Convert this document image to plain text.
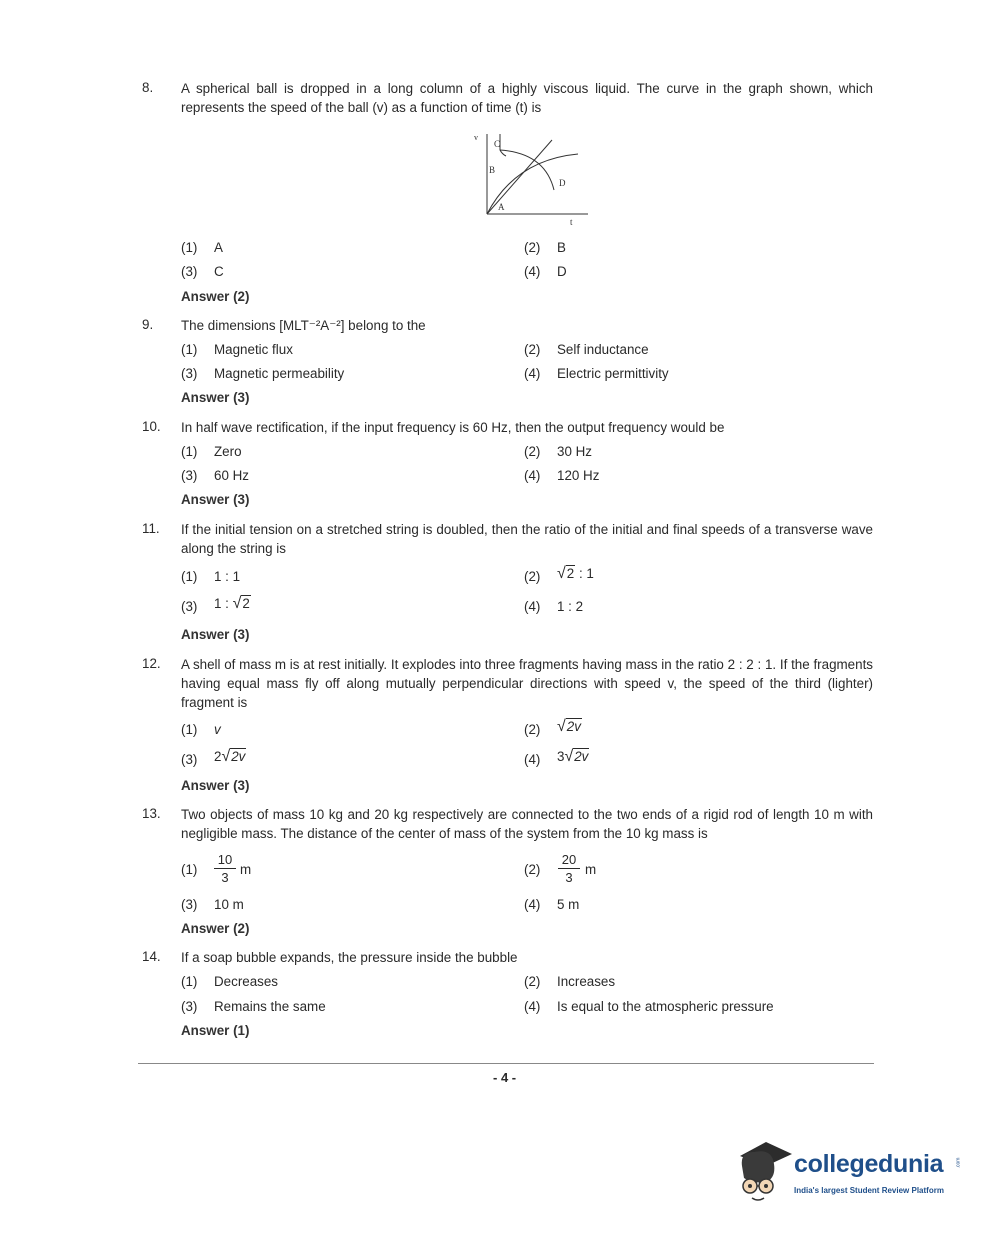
8. A spherical ball is dropped in a long column of a highly viscous liquid. The curve in the graph shown, which represents the speed of the ball (v) as a function of time (t) is
v
t
C
B
D
A
(1) A	(2) B
(3) C	(4) D
Answer (2)
9. The dimensions [MLT⁻²A⁻²] belong to the
(1) Magnetic flux	(2) Self inductance
(3) Magnetic permeability	(4) Electric permittivity
Answer (3)
10. In half wave rectification, if the input frequency is 60 Hz, then the output frequency would be
(1) Zero	(2) 30 Hz
(3) 60 Hz	(4) 120 Hz
Answer (3)
11. If the initial tension on a stretched string is doubled, then the ratio of the initial and final speeds of a transverse wave along the string is
(1) 1 : 1	(2) √2 : 1
(3) 1 : √2	(4) 1 : 2
Answer (3)
12. A shell of mass m is at rest initially. It explodes into three fragments having mass in the ratio 2 : 2 : 1. If the fragments having equal mass fly off along mutually perpendicular directions with speed v, the speed of the third (lighter) fragment is
(1) v	(2) √2v
(3) 2√2v	(4) 3√2v
Answer (3)
13. Two objects of mass 10 kg and 20 kg respectively are connected to the two ends of a rigid rod of length 10 m with negligible mass. The distance of the center of mass of the system from the 10 kg mass is
$(1) \frac{10}{3}$ m	$(2) \frac{20}{3}$ m
(3) 10 m	(4) 5 m
Answer (2)
14. If a soap bubble expands, the pressure inside the bubble
(1) Decreases	(2) Increases
(3) Remains the same	(4) Is equal to the atmospheric pressure
Answer (1)
- 4 -
collegedunia .com
India's largest Student Review Platform
